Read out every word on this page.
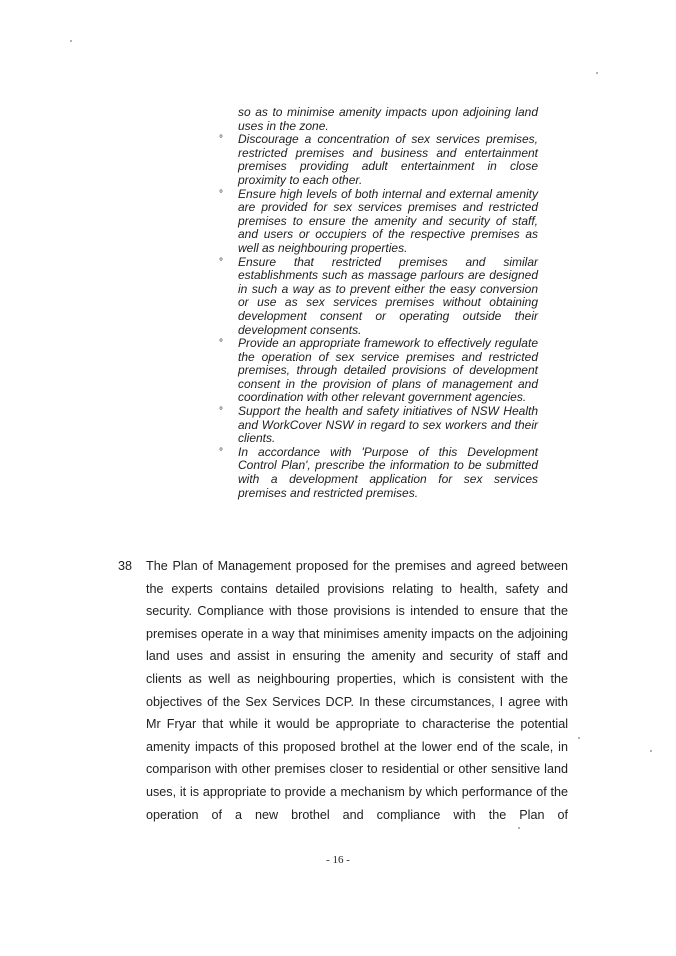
so as to minimise amenity impacts upon adjoining land uses in the zone.
° Discourage a concentration of sex services premises, restricted premises and business and entertainment premises providing adult entertainment in close proximity to each other.
° Ensure high levels of both internal and external amenity are provided for sex services premises and restricted premises to ensure the amenity and security of staff, and users or occupiers of the respective premises as well as neighbouring properties.
° Ensure that restricted premises and similar establishments such as massage parlours are designed in such a way as to prevent either the easy conversion or use as sex services premises without obtaining development consent or operating outside their development consents.
° Provide an appropriate framework to effectively regulate the operation of sex service premises and restricted premises, through detailed provisions of development consent in the provision of plans of management and coordination with other relevant government agencies.
° Support the health and safety initiatives of NSW Health and WorkCover NSW in regard to sex workers and their clients.
° In accordance with 'Purpose of this Development Control Plan', prescribe the information to be submitted with a development application for sex services premises and restricted premises.
38 The Plan of Management proposed for the premises and agreed between the experts contains detailed provisions relating to health, safety and security. Compliance with those provisions is intended to ensure that the premises operate in a way that minimises amenity impacts on the adjoining land uses and assist in ensuring the amenity and security of staff and clients as well as neighbouring properties, which is consistent with the objectives of the Sex Services DCP. In these circumstances, I agree with Mr Fryar that while it would be appropriate to characterise the potential amenity impacts of this proposed brothel at the lower end of the scale, in comparison with other premises closer to residential or other sensitive land uses, it is appropriate to provide a mechanism by which performance of the operation of a new brothel and compliance with the Plan of
- 16 -
